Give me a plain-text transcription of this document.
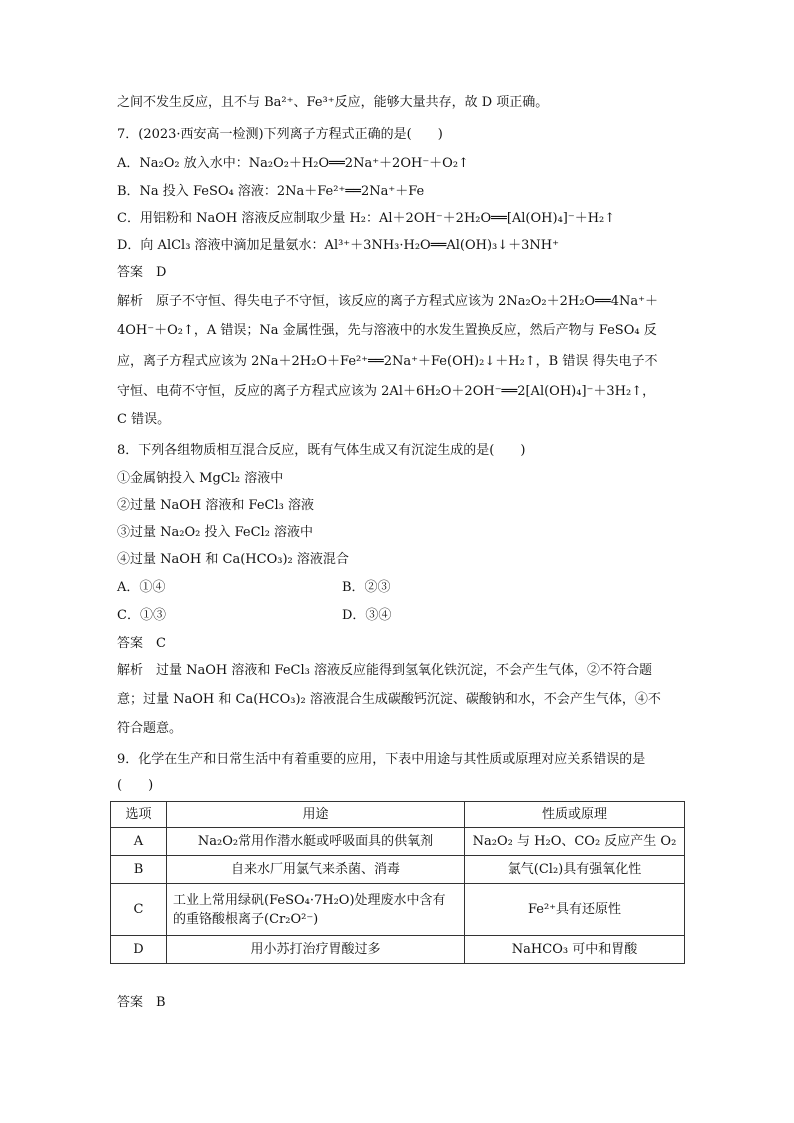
之间不发生反应，且不与 Ba²⁺、Fe³⁺反应，能够大量共存，故 D 项正确。
7．(2023·西安高一检测)下列离子方程式正确的是(　　)
A．Na₂O₂ 放入水中：Na₂O₂＋H₂O══2Na⁺＋2OH⁻＋O₂↑
B．Na 投入 FeSO₄ 溶液：2Na＋Fe²⁺══2Na⁺＋Fe
C．用铝粉和 NaOH 溶液反应制取少量 H₂：Al＋2OH⁻＋2H₂O══[Al(OH)₄]⁻＋H₂↑
D．向 AlCl₃ 溶液中滴加足量氨水：Al³⁺＋3NH₃·H₂O══Al(OH)₃↓＋3NH⁺
答案　D
解析　原子不守恒、得失电子不守恒，该反应的离子方程式应该为 2Na₂O₂＋2H₂O══4Na⁺＋
4OH⁻＋O₂↑，A 错误；Na 金属性强，先与溶液中的水发生置换反应，然后产物与 FeSO₄ 反
应，离子方程式应该为 2Na＋2H₂O＋Fe²⁺══2Na⁺＋Fe(OH)₂↓＋H₂↑，B 错误 得失电子不
守恒、电荷不守恒，反应的离子方程式应该为 2Al＋6H₂O＋2OH⁻══2[Al(OH)₄]⁻＋3H₂↑，
C 错误。
8．下列各组物质相互混合反应，既有气体生成又有沉淀生成的是(　　)
①金属钠投入 MgCl₂ 溶液中
②过量 NaOH 溶液和 FeCl₃ 溶液
③过量 Na₂O₂ 投入 FeCl₂ 溶液中
④过量 NaOH 和 Ca(HCO₃)₂ 溶液混合
A．①④	B．②③
C．①③	D．③④
答案　C
解析　过量 NaOH 溶液和 FeCl₃ 溶液反应能得到氢氧化铁沉淀，不会产生气体，②不符合题
意；过量 NaOH 和 Ca(HCO₃)₂ 溶液混合生成碳酸钙沉淀、碳酸钠和水，不会产生气体，④不
符合题意。
9．化学在生产和日常生活中有着重要的应用，下表中用途与其性质或原理对应关系错误的是
(　　)
选项	用途	性质或原理
A	Na₂O₂常用作潜水艇或呼吸面具的供氧剂	Na₂O₂ 与 H₂O、CO₂ 反应产生 O₂
B	自来水厂用氯气来杀菌、消毒	氯气(Cl₂)具有强氧化性
C	工业上常用绿矾(FeSO₄·7H₂O)处理废水中含有的重铬酸根离子(Cr₂O²⁻)	Fe²⁺具有还原性
D	用小苏打治疗胃酸过多	NaHCO₃ 可中和胃酸
答案　B
